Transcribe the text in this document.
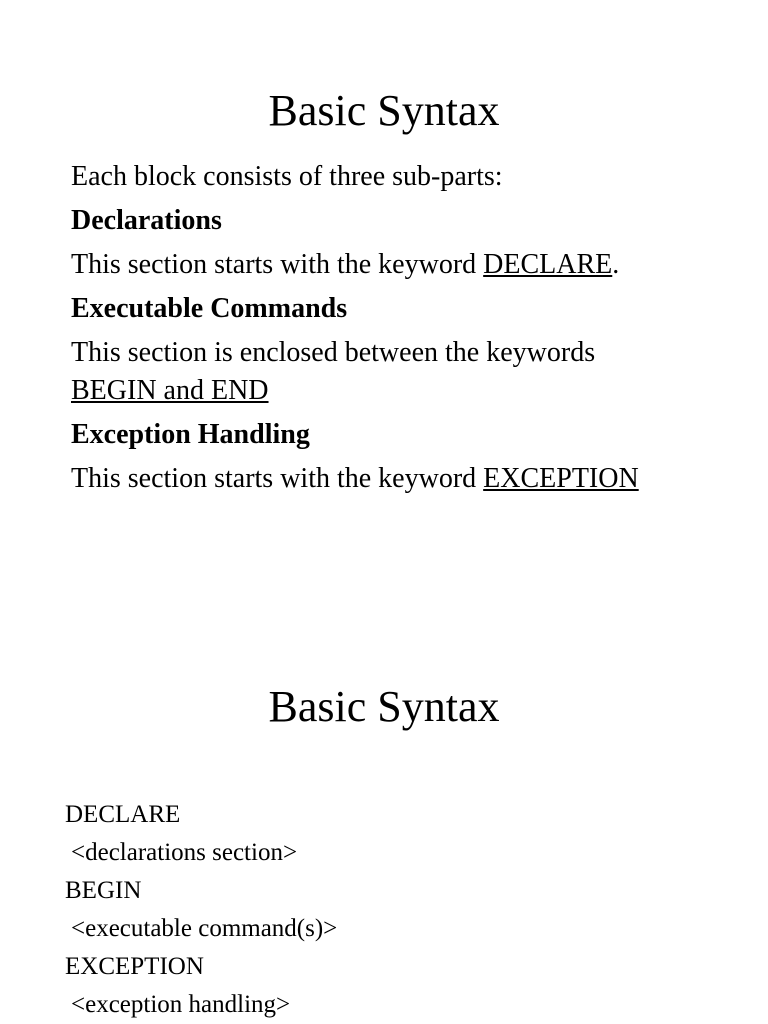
Basic Syntax
Each block consists of three sub-parts:
Declarations
This section starts with the keyword DECLARE.
Executable Commands
This section is enclosed between the keywords
BEGIN and END
Exception Handling
This section starts with the keyword EXCEPTION
Basic Syntax
DECLARE
<declarations section>
BEGIN
<executable command(s)>
EXCEPTION
<exception handling>
